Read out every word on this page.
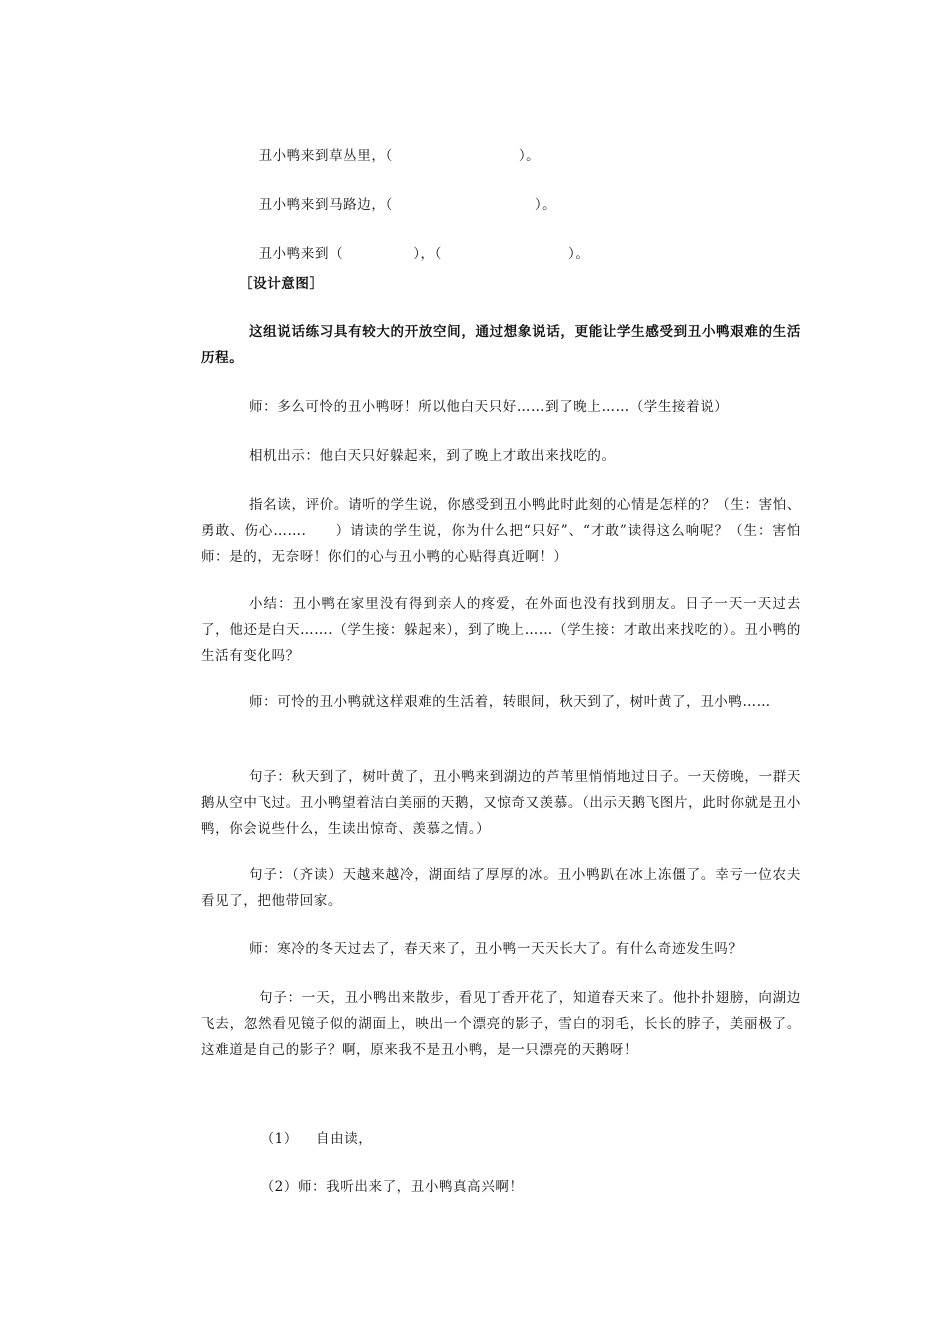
丑小鸭来到草丛里，（	）。

丑小鸭来到马路边，（	）。

丑小鸭来到（	），（	）。

［设计意图］
这组说话练习具有较大的开放空间，通过想象说话，更能让学生感受到丑小鸭艰难的生活历程。
师：多么可怜的丑小鸭呀！所以他白天只好……到了晚上……（学生接着说）
相机出示：他白天只好躲起来，到了晚上才敢出来找吃的。
指名读，评价。请听的学生说，你感受到丑小鸭此时此刻的心情是怎样的？（生：害怕、勇敢、伤心…….　　）请读的学生说，你为什么把“只好”、“才敢”读得这么响呢？（生：害怕　　师：是的，无奈呀！你们的心与丑小鸭的心贴得真近啊！）
小结：丑小鸭在家里没有得到亲人的疼爱，在外面也没有找到朋友。日子一天一天过去了，他还是白天…….（学生接：躲起来），到了晚上……（学生接：才敢出来找吃的）。丑小鸭的生活有变化吗？
师：可怜的丑小鸭就这样艰难的生活着，转眼间，秋天到了，树叶黄了，丑小鸭……
句子：秋天到了，树叶黄了，丑小鸭来到湖边的芦苇里悄悄地过日子。一天傍晚，一群天鹅从空中飞过。丑小鸭望着洁白美丽的天鹅，又惊奇又羡慕。（出示天鹅飞图片，此时你就是丑小鸭，你会说些什么，生读出惊奇、羡慕之情。）
句子：（齐读）天越来越冷，湖面结了厚厚的冰。丑小鸭趴在冰上冻僵了。幸亏一位农夫看见了，把他带回家。
师：寒冷的冬天过去了，春天来了，丑小鸭一天天长大了。有什么奇迹发生吗？
句子：一天，丑小鸭出来散步，看见丁香开花了，知道春天来了。他扑扑翅膀，向湖边飞去，忽然看见镜子似的湖面上，映出一个漂亮的影子，雪白的羽毛，长长的脖子，美丽极了。这难道是自己的影子？啊，原来我不是丑小鸭，是一只漂亮的天鹅呀！

（1） 自由读，

（2）师：我听出来了，丑小鸭真高兴啊！
